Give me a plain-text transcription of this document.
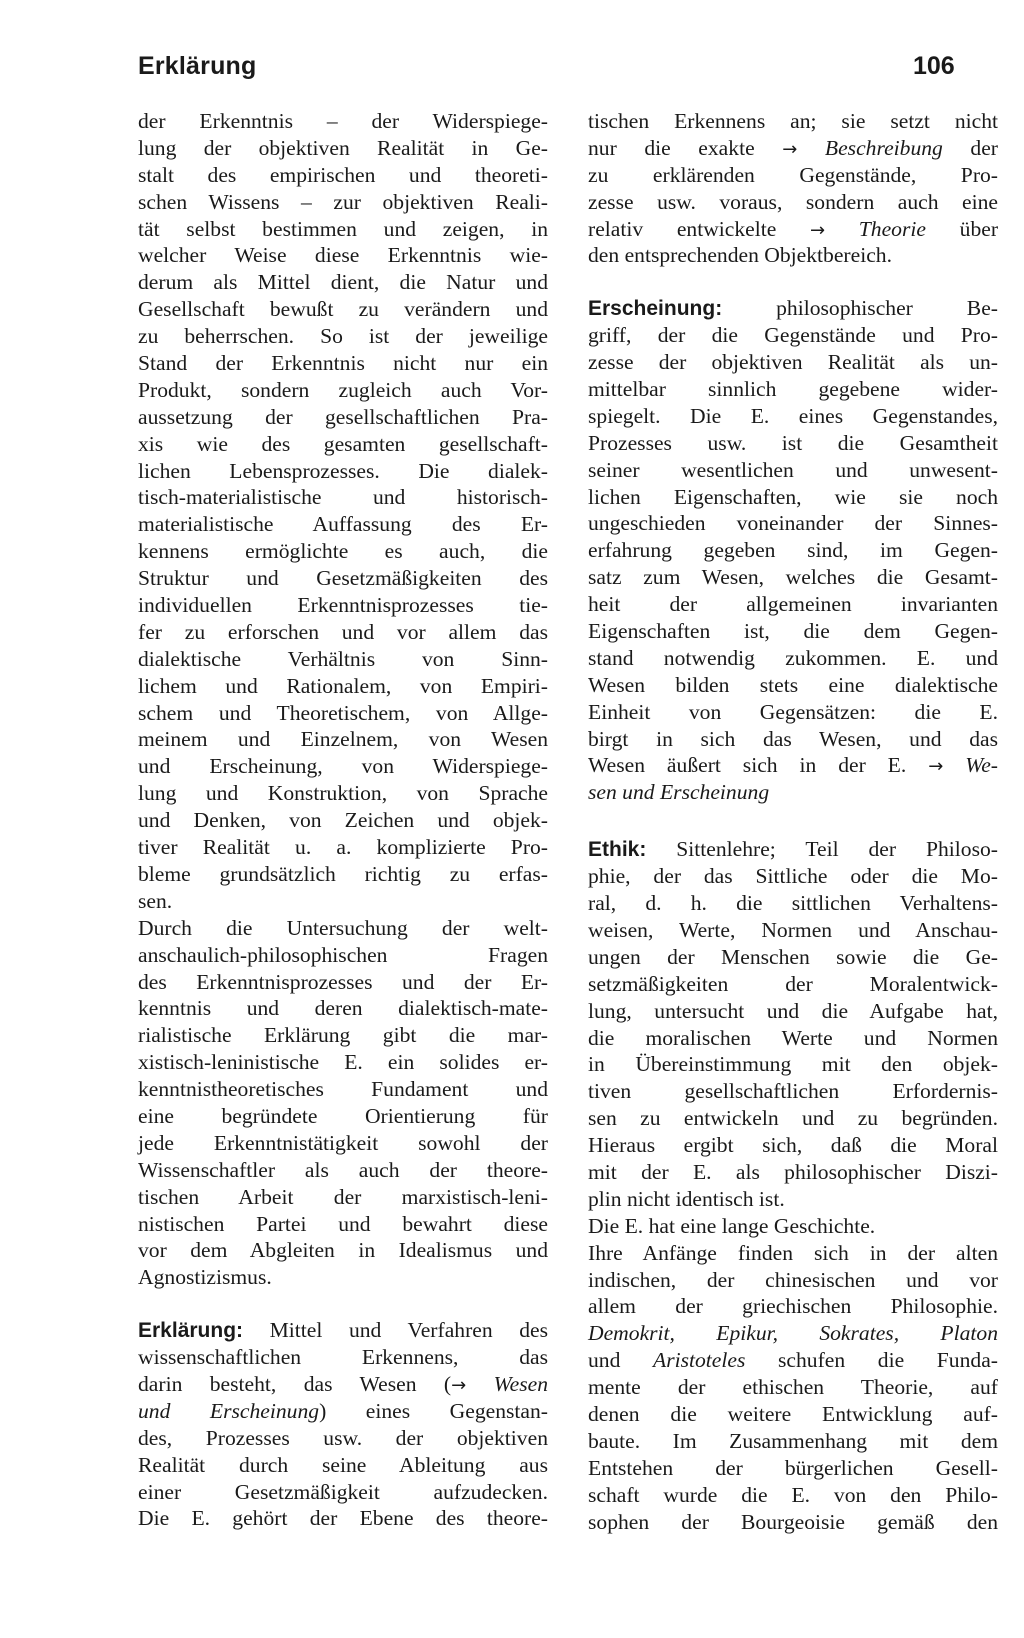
Erklärung	106
der Erkenntnis – der Widerspiege-
lung der objektiven Realität in Ge-
stalt des empirischen und theoreti-
schen Wissens – zur objektiven Reali-
tät selbst bestimmen und zeigen, in
welcher Weise diese Erkenntnis wie-
derum als Mittel dient, die Natur und
Gesellschaft bewußt zu verändern und
zu beherrschen. So ist der jeweilige
Stand der Erkenntnis nicht nur ein
Produkt, sondern zugleich auch Vor-
aussetzung der gesellschaftlichen Pra-
xis wie des gesamten gesellschaft-
lichen Lebensprozesses. Die dialek-
tisch-materialistische und historisch-
materialistische Auffassung des Er-
kennens ermöglichte es auch, die
Struktur und Gesetzmäßigkeiten des
individuellen Erkenntnisprozesses tie-
fer zu erforschen und vor allem das
dialektische Verhältnis von Sinn-
lichem und Rationalem, von Empiri-
schem und Theoretischem, von Allge-
meinem und Einzelnem, von Wesen
und Erscheinung, von Widerspiege-
lung und Konstruktion, von Sprache
und Denken, von Zeichen und objek-
tiver Realität u. a. komplizierte Pro-
bleme grundsätzlich richtig zu erfas-
sen.
Durch die Untersuchung der welt-
anschaulich-philosophischen Fragen
des Erkenntnisprozesses und der Er-
kenntnis und deren dialektisch-mate-
rialistische Erklärung gibt die mar-
xistisch-leninistische E. ein solides er-
kenntnistheoretisches Fundament und
eine begründete Orientierung für
jede Erkenntnistätigkeit sowohl der
Wissenschaftler als auch der theore-
tischen Arbeit der marxistisch-leni-
nistischen Partei und bewahrt diese
vor dem Abgleiten in Idealismus und
Agnostizismus.
Erklärung: Mittel und Verfahren des
wissenschaftlichen Erkennens, das
darin besteht, das Wesen (→ Wesen
und Erscheinung) eines Gegenstan-
des, Prozesses usw. der objektiven
Realität durch seine Ableitung aus
einer Gesetzmäßigkeit aufzudecken.
Die E. gehört der Ebene des theore-
tischen Erkennens an; sie setzt nicht
nur die exakte → Beschreibung der
zu erklärenden Gegenstände, Pro-
zesse usw. voraus, sondern auch eine
relativ entwickelte → Theorie über
den entsprechenden Objektbereich.
Erscheinung: philosophischer Be-
griff, der die Gegenstände und Pro-
zesse der objektiven Realität als un-
mittelbar sinnlich gegebene wider-
spiegelt. Die E. eines Gegenstandes,
Prozesses usw. ist die Gesamtheit
seiner wesentlichen und unwesent-
lichen Eigenschaften, wie sie noch
ungeschieden voneinander der Sinnes-
erfahrung gegeben sind, im Gegen-
satz zum Wesen, welches die Gesamt-
heit der allgemeinen invarianten
Eigenschaften ist, die dem Gegen-
stand notwendig zukommen. E. und
Wesen bilden stets eine dialektische
Einheit von Gegensätzen: die E.
birgt in sich das Wesen, und das
Wesen äußert sich in der E. → We-
sen und Erscheinung
Ethik: Sittenlehre; Teil der Philoso-
phie, der das Sittliche oder die Mo-
ral, d. h. die sittlichen Verhaltens-
weisen, Werte, Normen und Anschau-
ungen der Menschen sowie die Ge-
setzmäßigkeiten der Moralentwick-
lung, untersucht und die Aufgabe hat,
die moralischen Werte und Normen
in Übereinstimmung mit den objek-
tiven gesellschaftlichen Erfordernis-
sen zu entwickeln und zu begründen.
Hieraus ergibt sich, daß die Moral
mit der E. als philosophischer Diszi-
plin nicht identisch ist.
Die E. hat eine lange Geschichte.
Ihre Anfänge finden sich in der alten
indischen, der chinesischen und vor
allem der griechischen Philosophie.
Demokrit, Epikur, Sokrates, Platon
und Aristoteles schufen die Funda-
mente der ethischen Theorie, auf
denen die weitere Entwicklung auf-
baute. Im Zusammenhang mit dem
Entstehen der bürgerlichen Gesell-
schaft wurde die E. von den Philo-
sophen der Bourgeoisie gemäß den
